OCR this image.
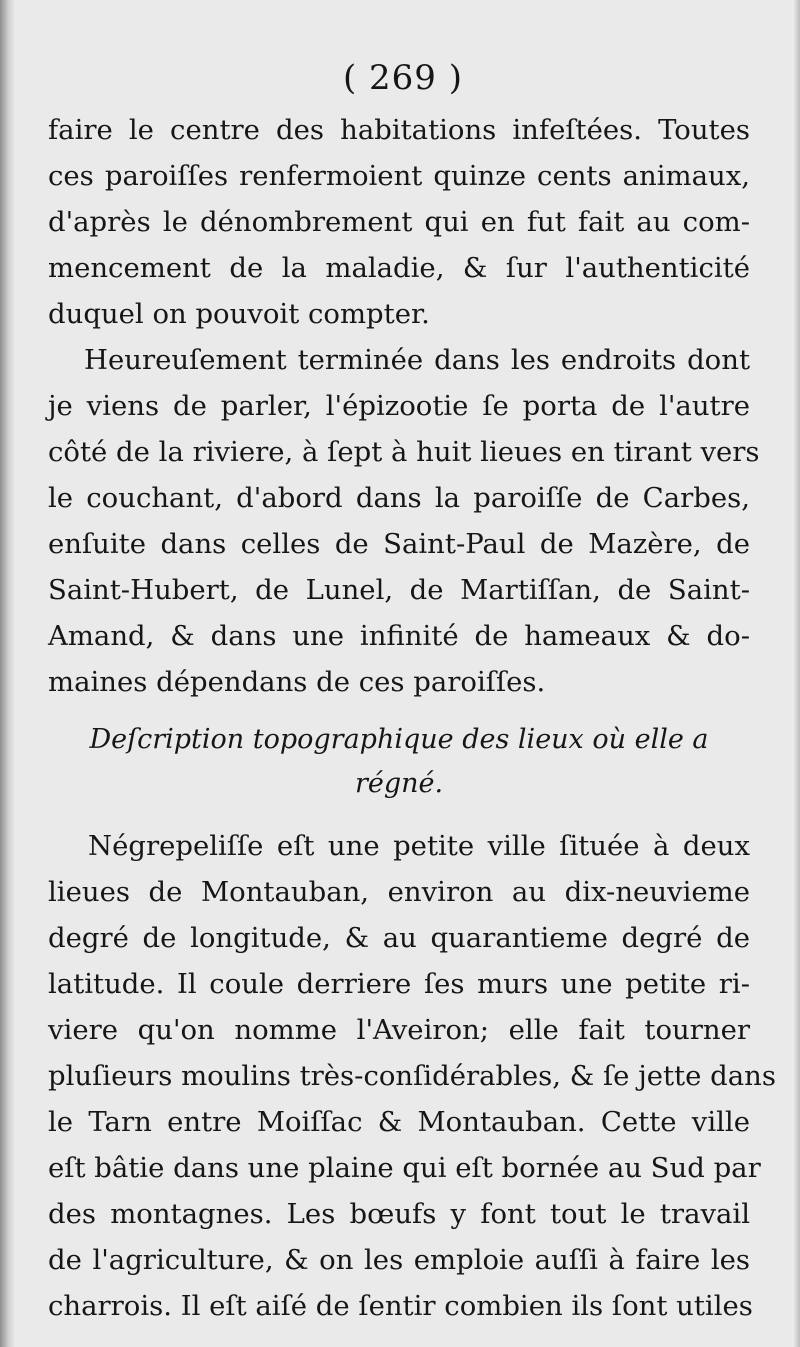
( 269 )
faire le centre des habitations infeſtées. Toutes
ces paroiſſes renfermoient quinze cents animaux,
d'après le dénombrement qui en fut fait au com-
mencement de la maladie, & ſur l'authenticité
duquel on pouvoit compter.
Heureuſement terminée dans les endroits dont
je viens de parler, l'épizootie ſe porta de l'autre
côté de la riviere, à ſept à huit lieues en tirant vers
le couchant, d'abord dans la paroiſſe de Carbes,
enſuite dans celles de Saint-Paul de Mazère, de
Saint-Hubert, de Lunel, de Martiſſan, de Saint-
Amand, & dans une infinité de hameaux & do-
maines dépendans de ces paroiſſes.
Deſcription topographique des lieux où elle a
régné.
Négrepeliſſe eſt une petite ville ſituée à deux
lieues de Montauban, environ au dix-neuvieme
degré de longitude, & au quarantieme degré de
latitude. Il coule derriere ſes murs une petite ri-
viere qu'on nomme l'Aveiron; elle fait tourner
pluſieurs moulins très-conſidérables, & ſe jette dans
le Tarn entre Moiſſac & Montauban. Cette ville
eſt bâtie dans une plaine qui eſt bornée au Sud par
des montagnes. Les bœufs y font tout le travail
de l'agriculture, & on les emploie auſſi à faire les
charrois. Il eſt aiſé de ſentir combien ils ſont utiles
